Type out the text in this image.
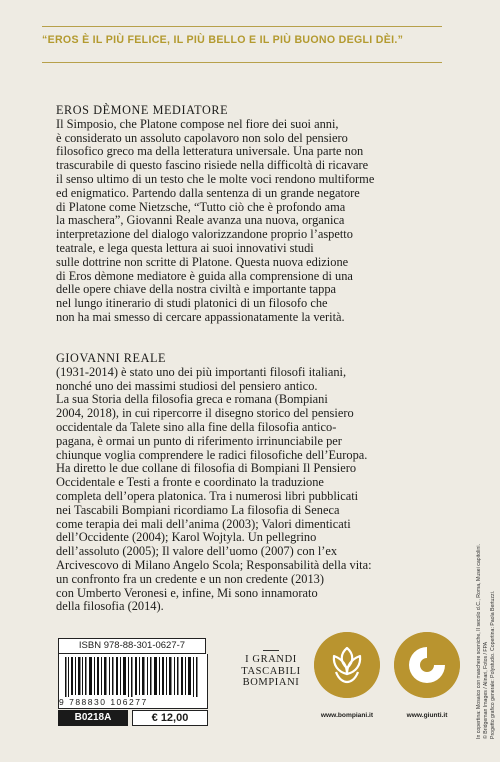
“EROS È IL PIÙ FELICE, IL PIÙ BELLO E IL PIÙ BUONO DEGLI DÈI.”
EROS DÈMONE MEDIATORE

Il Simposio, che Platone compose nel fiore dei suoi anni,
è considerato un assoluto capolavoro non solo del pensiero
filosofico greco ma della letteratura universale. Una parte non
trascurabile di questo fascino risiede nella difficoltà di ricavare
il senso ultimo di un testo che le molte voci rendono multiforme
ed enigmatico. Partendo dalla sentenza di un grande negatore
di Platone come Nietzsche, “Tutto ciò che è profondo ama
la maschera”, Giovanni Reale avanza una nuova, organica
interpretazione del dialogo valorizzandone proprio l’aspetto
teatrale, e lega questa lettura ai suoi innovativi studi
sulle dottrine non scritte di Platone. Questa nuova edizione
di Eros dèmone mediatore è guida alla comprensione di una
delle opere chiave della nostra civiltà e importante tappa
nel lungo itinerario di studi platonici di un filosofo che
non ha mai smesso di cercare appassionatamente la verità.

GIOVANNI REALE

(1931-2014) è stato uno dei più importanti filosofi italiani,
nonché uno dei massimi studiosi del pensiero antico.
La sua Storia della filosofia greca e romana (Bompiani
2004, 2018), in cui ripercorre il disegno storico del pensiero
occidentale da Talete sino alla fine della filosofia antico-
pagana, è ormai un punto di riferimento irrinunciabile per
chiunque voglia comprendere le radici filosofiche dell’Europa.
Ha diretto le due collane di filosofia di Bompiani Il Pensiero
Occidentale e Testi a fronte e coordinato la traduzione
completa dell’opera platonica. Tra i numerosi libri pubblicati
nei Tascabili Bompiani ricordiamo La filosofia di Seneca
come terapia dei mali dell’anima (2003); Valori dimenticati
dell’Occidente (2004); Karol Wojtyla. Un pellegrino
dell’assoluto (2005); Il valore dell’uomo (2007) con l’ex
Arcivescovo di Milano Angelo Scola; Responsabilità della vita:
un confronto fra un credente e un non credente (2013)
con Umberto Veronesi e, infine, Mi sono innamorato
della filosofia (2014).	In copertina: Mosaico con maschere sceniche, II secolo d.C., Roma, Musei capitolini. © Bridgeman Images / Alinari, Fotos / FPA Progetto grafico generale: Polystudio. Copertina: Paola Bertuzzi.
ISBN 978-88-301-0627-7
9 788830 106277
B0218A	€ 12,00
I GRANDI
TASCABILI
BOMPIANI
www.bompiani.it	www.giunti.it
